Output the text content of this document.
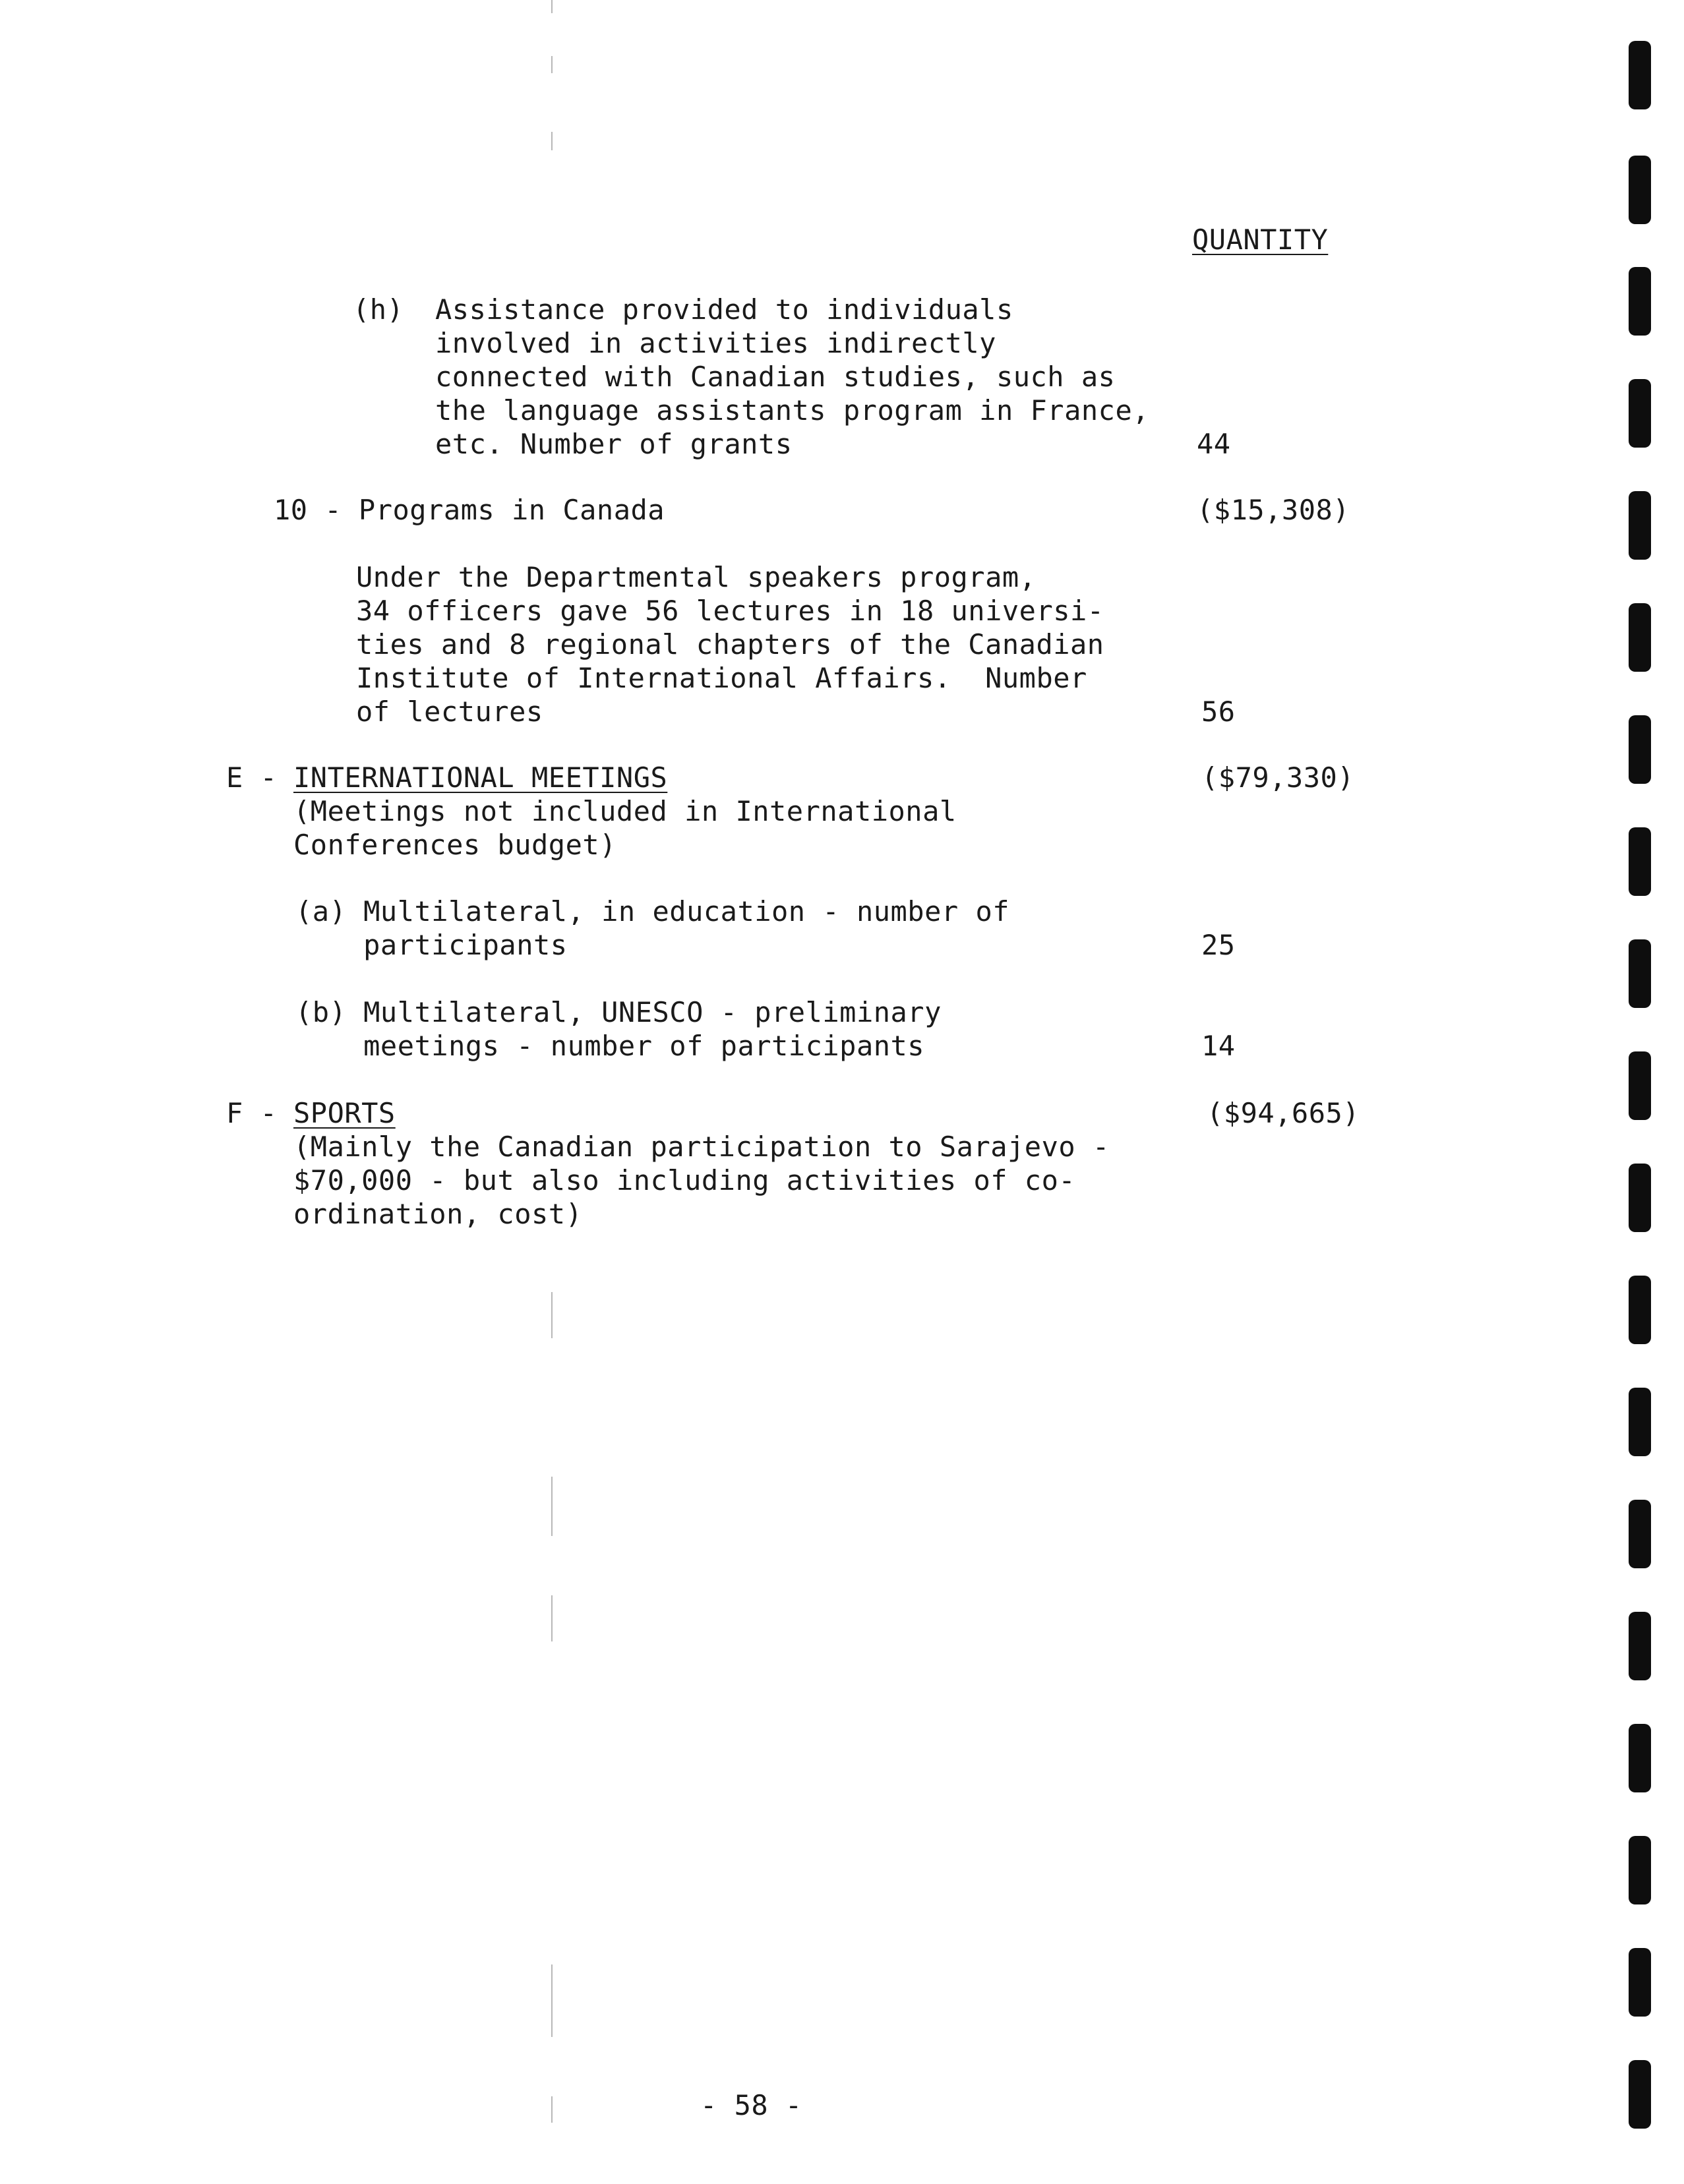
QUANTITY
(h) Assistance provided to individuals
involved in activities indirectly
connected with Canadian studies, such as
the language assistants program in France,
etc. Number of grants	44
10 - Programs in Canada	($15,308)
Under the Departmental speakers program,
34 officers gave 56 lectures in 18 universi-
ties and 8 regional chapters of the Canadian
Institute of International Affairs.  Number
of lectures	56
E - INTERNATIONAL MEETINGS	($79,330)
(Meetings not included in International
Conferences budget)
(a) Multilateral, in education - number of
participants	25
(b) Multilateral, UNESCO - preliminary
meetings - number of participants	14
F - SPORTS	($94,665)
(Mainly the Canadian participation to Sarajevo -
$70,000 - but also including activities of co-
ordination, cost)
- 58 -
